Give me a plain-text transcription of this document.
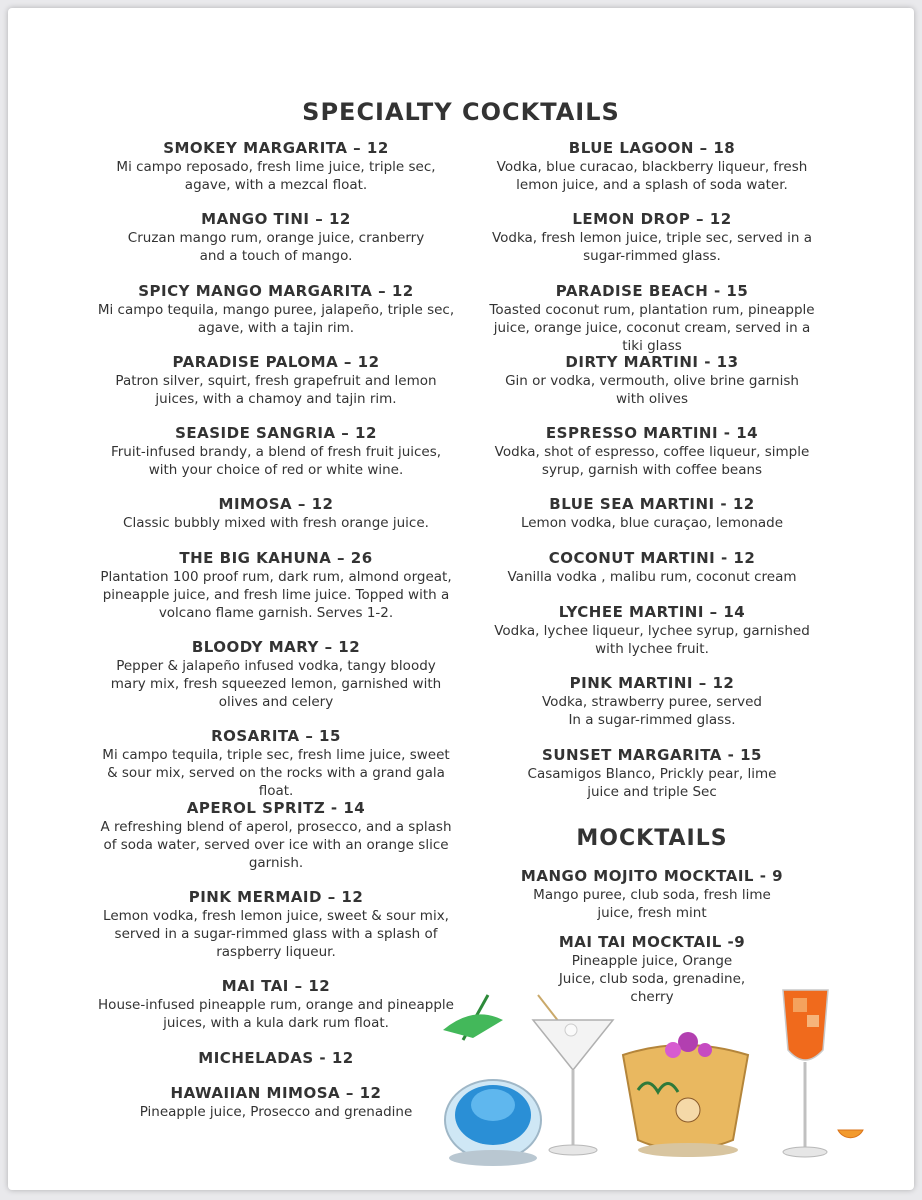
SPECIALTY COCKTAILS
SMOKEY MARGARITA – 12
Mi campo reposado, fresh lime juice, triple sec, agave, with a mezcal float.
MANGO TINI – 12
Cruzan mango rum, orange juice, cranberry and a touch of mango.
SPICY MANGO MARGARITA – 12
Mi campo tequila, mango puree, jalapeño, triple sec, agave, with a tajin rim.
PARADISE PALOMA – 12
Patron silver, squirt, fresh grapefruit and lemon juices, with a chamoy and tajin rim.
SEASIDE SANGRIA – 12
Fruit-infused brandy, a blend of fresh fruit juices, with your choice of red or white wine.
MIMOSA – 12
Classic bubbly mixed with fresh orange juice.
THE BIG KAHUNA – 26
Plantation 100 proof rum, dark rum, almond orgeat, pineapple juice, and fresh lime juice. Topped with a volcano flame garnish. Serves 1-2.
BLOODY MARY – 12
Pepper & jalapeño infused vodka, tangy bloody mary mix, fresh squeezed lemon, garnished with olives and celery
ROSARITA – 15
Mi campo tequila, triple sec, fresh lime juice, sweet & sour mix, served on the rocks with a grand gala float.
APEROL SPRITZ - 14
A refreshing blend of aperol, prosecco, and a splash of soda water, served over ice with an orange slice garnish.
PINK MERMAID – 12
Lemon vodka, fresh lemon juice, sweet & sour mix, served in a sugar-rimmed glass with a splash of raspberry liqueur.
MAI TAI – 12
House-infused pineapple rum, orange and pineapple juices, with a kula dark rum float.
MICHELADAS - 12
HAWAIIAN MIMOSA – 12
Pineapple juice, Prosecco and grenadine
BLUE LAGOON – 18
Vodka, blue curacao, blackberry liqueur, fresh lemon juice, and a splash of soda water.
LEMON DROP – 12
Vodka, fresh lemon juice, triple sec, served in a sugar-rimmed glass.
PARADISE BEACH - 15
Toasted coconut rum, plantation rum, pineapple juice, orange juice, coconut cream, served in a tiki glass
DIRTY MARTINI - 13
Gin or vodka, vermouth, olive brine garnish with olives
ESPRESSO MARTINI - 14
Vodka, shot of espresso, coffee liqueur, simple syrup, garnish with coffee beans
BLUE SEA MARTINI - 12
Lemon vodka, blue curaçao, lemonade
COCONUT MARTINI - 12
Vanilla vodka , malibu rum, coconut cream
LYCHEE MARTINI – 14
Vodka, lychee liqueur, lychee syrup, garnished with lychee fruit.
PINK MARTINI – 12
Vodka, strawberry puree, served In a sugar-rimmed glass.
SUNSET MARGARITA - 15
Casamigos Blanco, Prickly pear, lime juice and triple Sec
MOCKTAILS
MANGO MOJITO MOCKTAIL - 9
Mango puree, club soda, fresh lime juice, fresh mint
MAI TAI MOCKTAIL -9
Pineapple juice, Orange Juice, club soda, grenadine, cherry
